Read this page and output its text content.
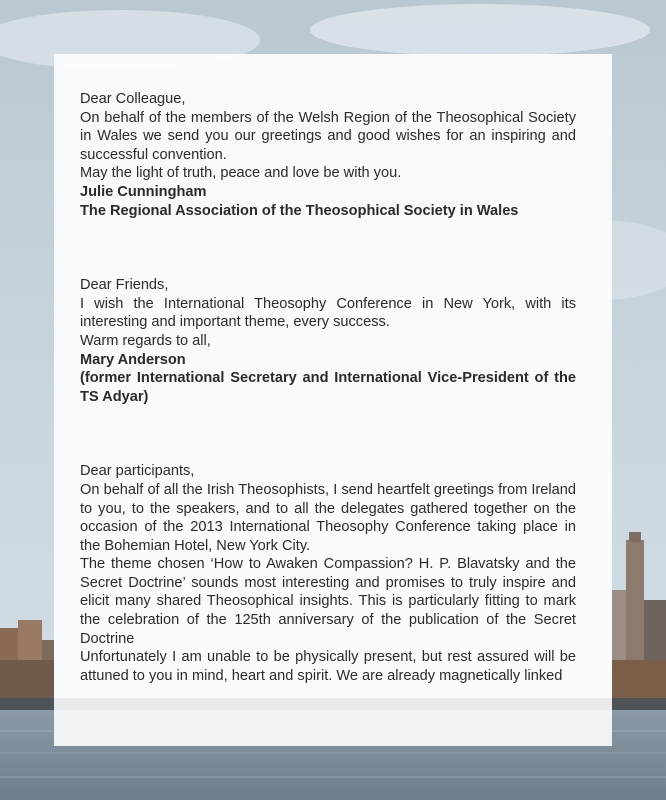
Dear Colleague,

On behalf of the members of the Welsh Region of the Theosophical Society in Wales we send you our greetings and good wishes for an inspiring and successful convention.

May the light of truth, peace and love be with you.

Julie Cunningham

The Regional Association of the Theosophical Society in Wales

Dear Friends,

I wish the International Theosophy Conference in New York, with its interesting and important theme, every success.

Warm regards to all,

Mary Anderson

(former International Secretary and International Vice-President of the TS Adyar)

Dear participants,

On behalf of all the Irish Theosophists, I send heartfelt greetings from Ireland to you, to the speakers, and to all the delegates gathered together on the occasion of the 2013 International Theosophy Conference taking place in the Bohemian Hotel, New York City.

The theme chosen ‘How to Awaken Compassion? H. P. Blavatsky and the Secret Doctrine’ sounds most interesting and promises to truly inspire and elicit many shared Theosophical insights. This is particularly fitting to mark the celebration of the 125th anniversary of the publication of the Secret Doctrine

Unfortunately I am unable to be physically present, but rest assured will be attuned to you in mind, heart and spirit. We are already magnetically linked
